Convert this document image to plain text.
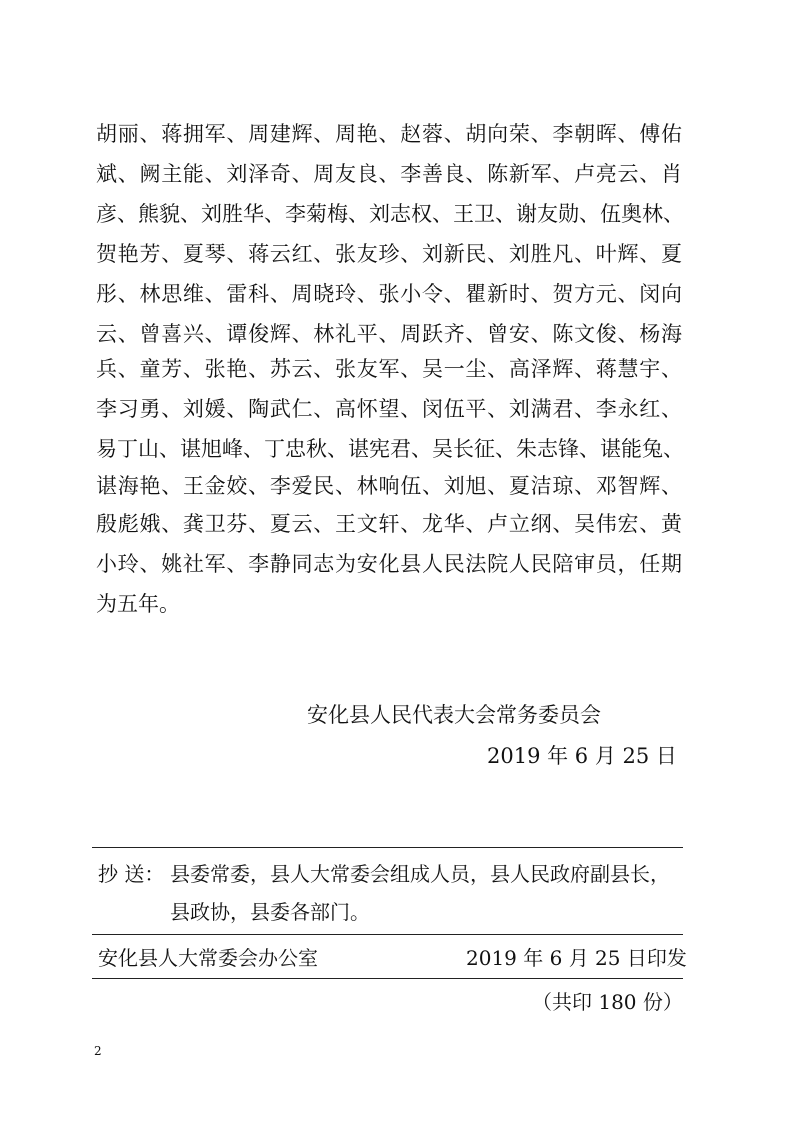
胡丽、蒋拥军、周建辉、周艳、赵蓉、胡向荣、李朝晖、傅佑
斌、阙主能、刘泽奇、周友良、李善良、陈新军、卢亮云、肖
彦、熊貌、刘胜华、李菊梅、刘志权、王卫、谢友勋、伍奥林、
贺艳芳、夏琴、蒋云红、张友珍、刘新民、刘胜凡、叶辉、夏
彤、林思维、雷科、周晓玲、张小令、瞿新时、贺方元、闵向
云、曾喜兴、谭俊辉、林礼平、周跃齐、曾安、陈文俊、杨海
兵、童芳、张艳、苏云、张友军、吴一尘、高泽辉、蒋慧宇、
李习勇、刘媛、陶武仁、高怀望、闵伍平、刘满君、李永红、
易丁山、谌旭峰、丁忠秋、谌宪君、吴长征、朱志锋、谌能兔、
谌海艳、王金姣、李爱民、林响伍、刘旭、夏洁琼、邓智辉、
殷彪娥、龚卫芬、夏云、王文轩、龙华、卢立纲、吴伟宏、黄
小玲、姚社军、李静同志为安化县人民法院人民陪审员，任期
为五年。
安化县人民代表大会常务委员会
2019 年 6 月 25 日
抄 送： 县委常委，县人大常委会组成人员，县人民政府副县长，
县政协，县委各部门。
安化县人大常委会办公室	2019 年 6 月 25 日印发
（共印 180 份）
2
